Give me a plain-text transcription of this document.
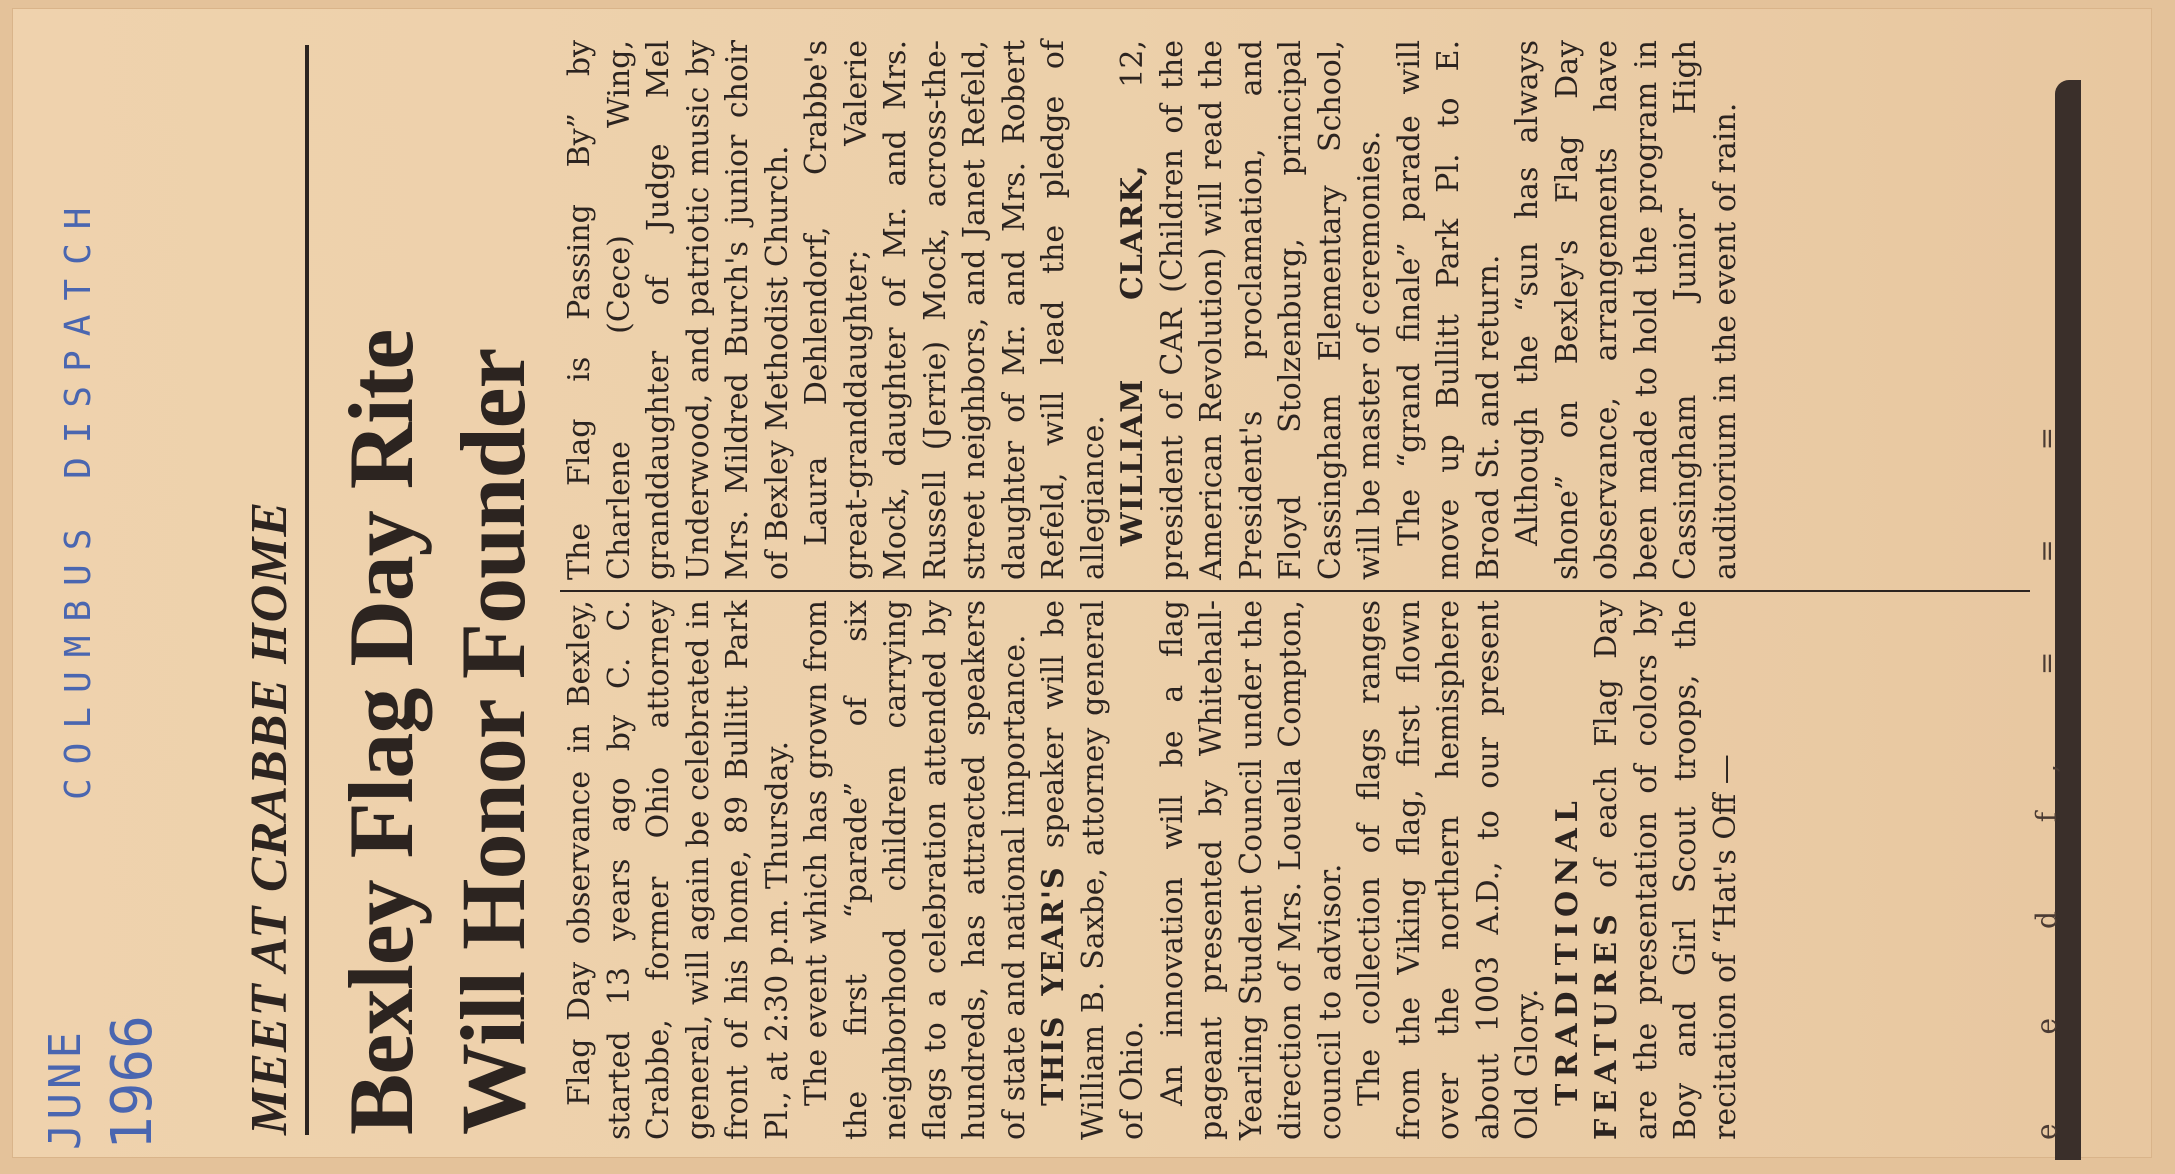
COLUMBUS DISPATCH
JUNE 1966 MEET AT CRABBE HOME Bexley Flag Day Rite Will Honor Founder Flag Day observance in Bexley, started 13 years ago by C. C. Crabbe, former Ohio attorney general, will again be celebrated in front of his home, 89 Bullitt Park Pl., at 2:30 p.m. Thursday. The event which has grown from the first “parade” of six neighborhood children carrying flags to a celebration attended by hundreds, has attracted speakers of state and national importance. THIS YEAR'S speaker will be William B. Saxbe, attorney general of Ohio. An innovation will be a flag pageant presented by Whitehall-Yearling Student Council under the direction of Mrs. Louella Compton, council to advisor. The collection of flags ranges from the Viking flag, first flown over the northern hemisphere about 1003 A.D., to our present Old Glory. TRADITIONAL FEATURES of each Flag Day are the presentation of colors by Boy and Girl Scout troops, the recitation of “Hat's Off —

The Flag is Passing By” by Charlene (Cece) Wing, granddaughter of Judge Mel Underwood, and patriotic music by Mrs. Mildred Burch's junior choir of Bexley Methodist Church. Laura Dehlendorf, Crabbe's great-granddaughter; Valerie Mock, daughter of Mr. and Mrs. Russell (Jerrie) Mock, across-the-street neighbors, and Janet Refeld, daughter of Mr. and Mrs. Robert Refeld, will lead the pledge of allegiance. WILLIAM CLARK, 12, president of CAR (Children of the American Revolution) will read the President's proclamation, and Floyd Stolzenburg, principal Cassingham Elementary School, will be master of ceremonies. The “grand finale” parade will move up Bullitt Park Pl. to E. Broad St. and return. Although the “sun has always shone” on Bexley's Flag Day observance, arrangements have been made to hold the program in Cassingham Junior High auditorium in the event of rain.

e e d f, = = =
